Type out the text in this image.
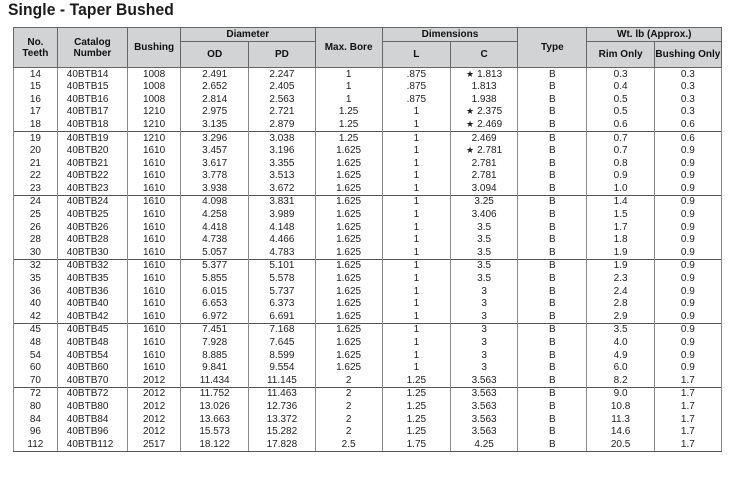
Single - Taper Bushed
No. Teeth	Catalog Number	Bushing	Diameter		Max. Bore	Dimensions		Type	Wt. lb (Approx.)	
			OD	PD		L	C		Rim Only	Bushing Only
14	40BTB14	1008	2.491	2.247	1	.875	★ 1.813	B	0.3	0.3
15	40BTB15	1008	2.652	2.405	1	.875	1.813	B	0.4	0.3
16	40BTB16	1008	2.814	2.563	1	.875	1.938	B	0.5	0.3
17	40BTB17	1210	2.975	2.721	1.25	1	★ 2.375	B	0.5	0.3
18	40BTB18	1210	3.135	2.879	1.25	1	★ 2.469	B	0.6	0.6
19	40BTB19	1210	3.296	3.038	1.25	1	2.469	B	0.7	0.6
20	40BTB20	1610	3.457	3.196	1.625	1	★ 2.781	B	0.7	0.9
21	40BTB21	1610	3.617	3.355	1.625	1	2.781	B	0.8	0.9
22	40BTB22	1610	3.778	3.513	1.625	1	2.781	B	0.9	0.9
23	40BTB23	1610	3.938	3.672	1.625	1	3.094	B	1.0	0.9
24	40BTB24	1610	4.098	3.831	1.625	1	3.25	B	1.4	0.9
25	40BTB25	1610	4.258	3.989	1.625	1	3.406	B	1.5	0.9
26	40BTB26	1610	4.418	4.148	1.625	1	3.5	B	1.7	0.9
28	40BTB28	1610	4.738	4.466	1.625	1	3.5	B	1.8	0.9
30	40BTB30	1610	5.057	4.783	1.625	1	3.5	B	1.9	0.9
32	40BTB32	1610	5.377	5.101	1.625	1	3.5	B	1.9	0.9
35	40BTB35	1610	5.855	5.578	1.625	1	3.5	B	2.3	0.9
36	40BTB36	1610	6.015	5.737	1.625	1	3	B	2.4	0.9
40	40BTB40	1610	6.653	6.373	1.625	1	3	B	2.8	0.9
42	40BTB42	1610	6.972	6.691	1.625	1	3	B	2.9	0.9
45	40BTB45	1610	7.451	7.168	1.625	1	3	B	3.5	0.9
48	40BTB48	1610	7.928	7.645	1.625	1	3	B	4.0	0.9
54	40BTB54	1610	8.885	8.599	1.625	1	3	B	4.9	0.9
60	40BTB60	1610	9.841	9.554	1.625	1	3	B	6.0	0.9
70	40BTB70	2012	11.434	11.145	2	1.25	3.563	B	8.2	1.7
72	40BTB72	2012	11.752	11.463	2	1.25	3.563	B	9.0	1.7
80	40BTB80	2012	13.026	12.736	2	1.25	3.563	B	10.8	1.7
84	40BTB84	2012	13.663	13.372	2	1.25	3.563	B	11.3	1.7
96	40BTB96	2012	15.573	15.282	2	1.25	3.563	B	14.6	1.7
112	40BTB112	2517	18.122	17.828	2.5	1.75	4.25	B	20.5	1.7
